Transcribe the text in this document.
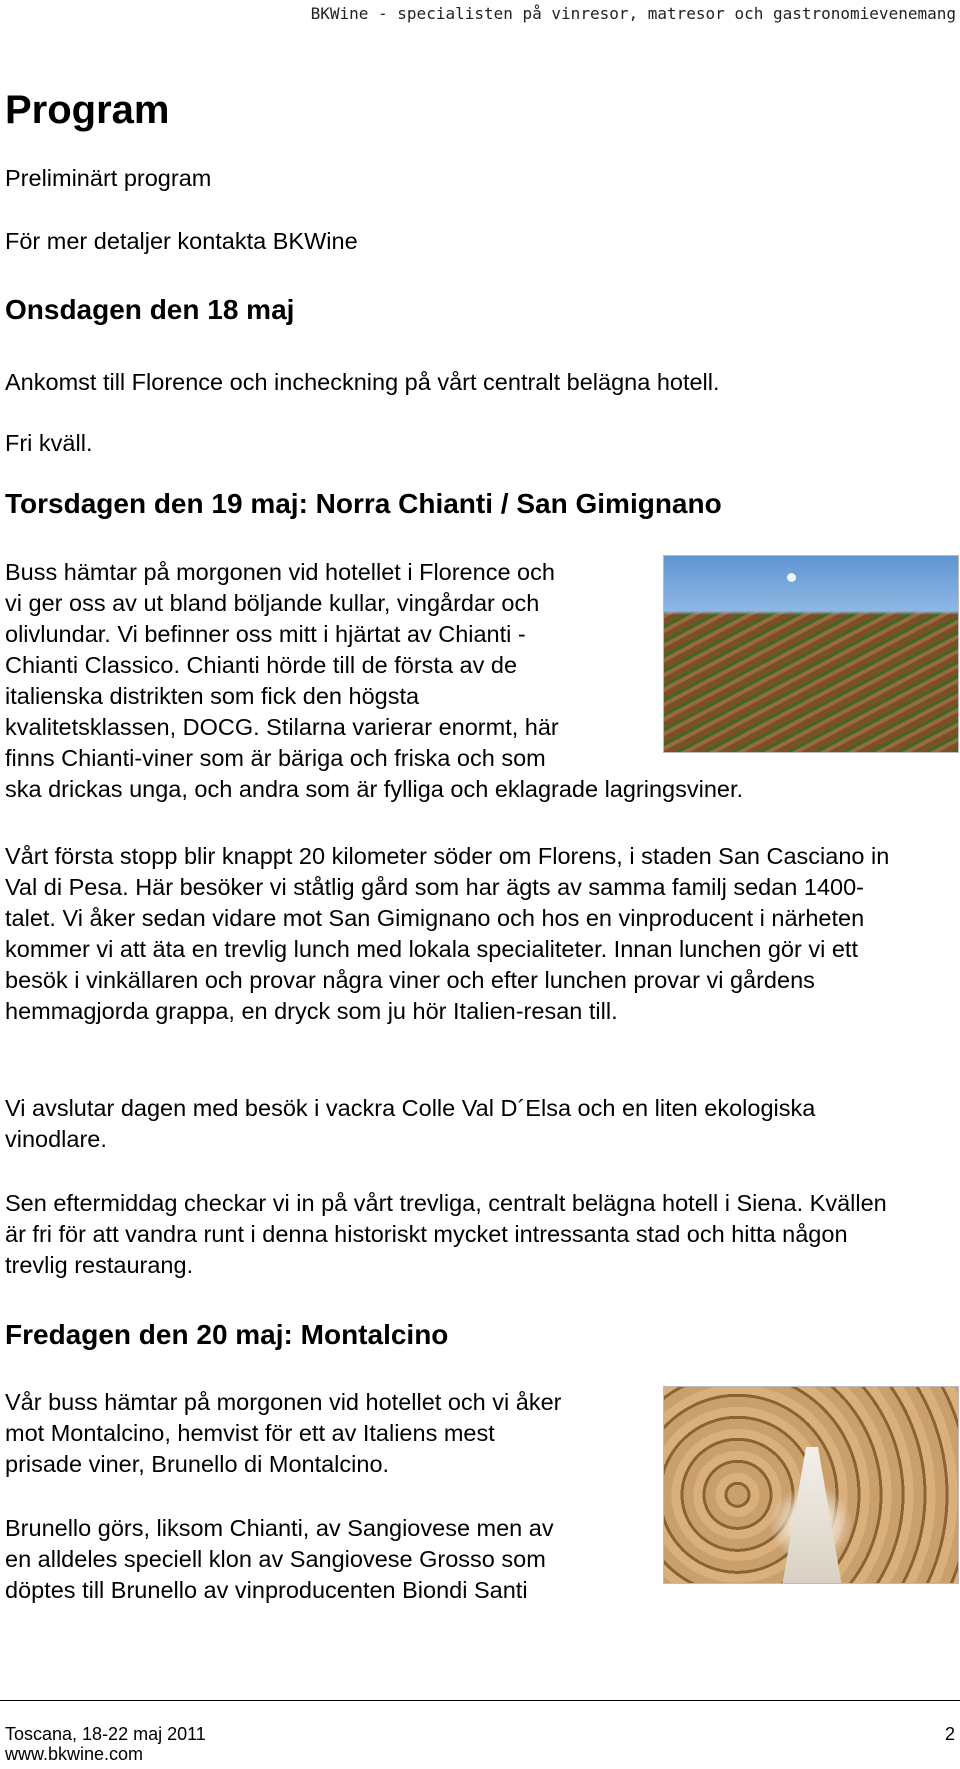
BKWine - specialisten på vinresor, matresor och gastronomievenemang
Program

Preliminärt program

För mer detaljer kontakta BKWine

Onsdagen den 18 maj

Ankomst till Florence och incheckning på vårt centralt belägna hotell.

Fri kväll.

Torsdagen den 19 maj: Norra Chianti / San Gimignano
Buss hämtar på morgonen vid hotellet i Florence och
vi ger oss av ut bland böljande kullar, vingårdar och
olivlundar. Vi befinner oss mitt i hjärtat av Chianti -
Chianti Classico. Chianti hörde till de första av de
italienska distrikten som fick den högsta
kvalitetsklassen, DOCG. Stilarna varierar enormt, här
finns Chianti-viner som är bäriga och friska och som
ska drickas unga, och andra som är fylliga och eklagrade lagringsviner.

Vårt första stopp blir knappt 20 kilometer söder om Florens, i staden San Casciano in Val di Pesa. Här besöker vi ståtlig gård som har ägts av samma familj sedan 1400-talet. Vi åker sedan vidare mot San Gimignano och hos en vinproducent i närheten kommer vi att äta en trevlig lunch med lokala specialiteter. Innan lunchen gör vi ett besök i vinkällaren och provar några viner och efter lunchen provar vi gårdens hemmagjorda grappa, en dryck som ju hör Italien-resan till.

Vi avslutar dagen med besök i vackra Colle Val D´Elsa och en liten ekologiska vinodlare.

Sen eftermiddag checkar vi in på vårt trevliga, centralt belägna hotell i Siena. Kvällen är fri för att vandra runt i denna historiskt mycket intressanta stad och hitta någon trevlig restaurang.

Fredagen den 20 maj: Montalcino
Vår buss hämtar på morgonen vid hotellet och vi åker
mot Montalcino, hemvist för ett av Italiens mest
prisade viner, Brunello di Montalcino.
Brunello görs, liksom Chianti, av Sangiovese men av
en alldeles speciell klon av Sangiovese Grosso som
döptes till Brunello av vinproducenten Biondi Santi
Toscana, 18-22 maj 2011
www.bkwine.com
2
